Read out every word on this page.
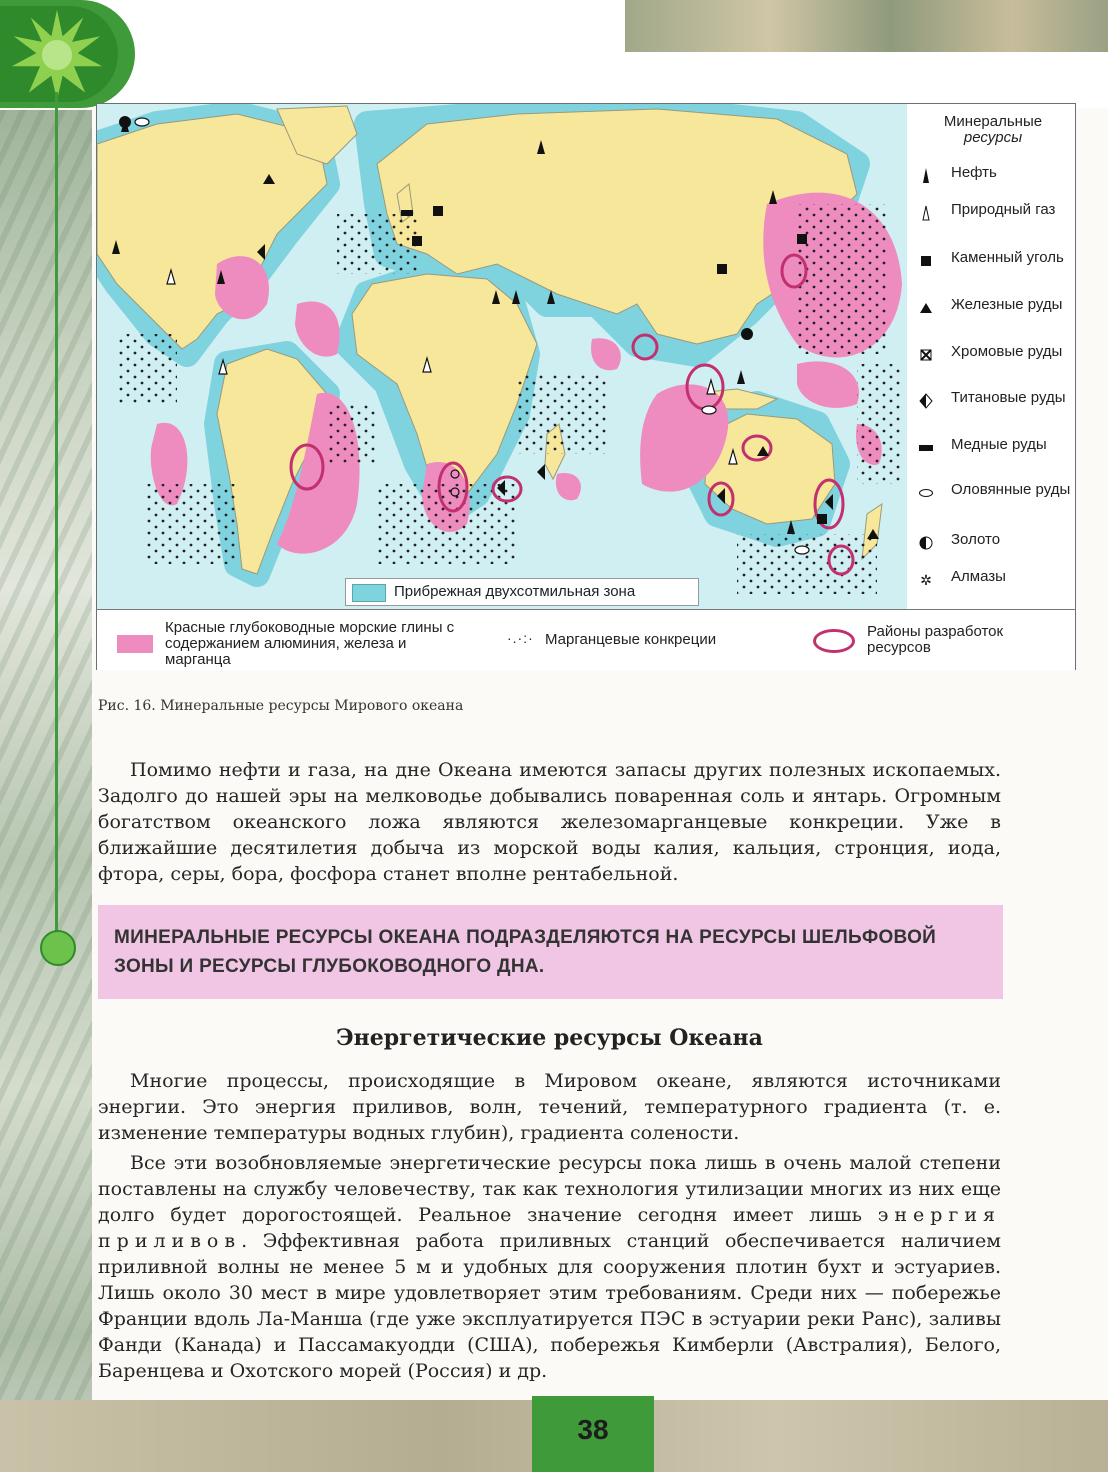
Минеральные
ресурсы
Нефть
Природный газ
Каменный уголь
Железные руды
Хромовые руды
Титановые руды
Медные руды
Оловянные руды
Золото
✲ Алмазы
Прибрежная двухсотмильная зона
Красные глубоководные морские глины с содержанием алюминия, железа и марганца
·.·:· Марганцевые конкреции	Районы разработок ресурсов
Рис. 16. Минеральные ресурсы Мирового океана

Помимо нефти и газа, на дне Океана имеются запасы других полезных ископаемых. Задолго до нашей эры на мелководье добывались поваренная соль и янтарь. Огромным богатством океанского ложа являются железомарганцевые конкреции. Уже в ближайшие десятилетия добыча из морской воды калия, кальция, стронция, иода, фтора, серы, бора, фосфора станет вполне рентабельной.

МИНЕРАЛЬНЫЕ РЕСУРСЫ ОКЕАНА ПОДРАЗДЕЛЯЮТСЯ НА РЕСУРСЫ ШЕЛЬФОВОЙ ЗОНЫ И РЕСУРСЫ ГЛУБОКОВОДНОГО ДНА.
Энергетические ресурсы Океана

Многие процессы, происходящие в Мировом океане, являются источниками энергии. Это энергия приливов, волн, течений, температурного градиента (т. е. изменение температуры водных глубин), градиента солености.

Все эти возобновляемые энергетические ресурсы пока лишь в очень малой степени поставлены на службу человечеству, так как технология утилизации многих из них еще долго будет дорогостоящей. Реальное значение сегодня имеет лишь энергия приливов. Эффективная работа приливных станций обеспечивается наличием приливной волны не менее 5 м и удобных для сооружения плотин бухт и эстуариев. Лишь около 30 мест в мире удовлетворяет этим требованиям. Среди них — побережье Франции вдоль Ла-Манша (где уже эксплуатируется ПЭС в эстуарии реки Ранс), заливы Фанди (Канада) и Пассамакуодди (США), побережья Кимберли (Австралия), Белого, Баренцева и Охотского морей (Россия) и др.

38
